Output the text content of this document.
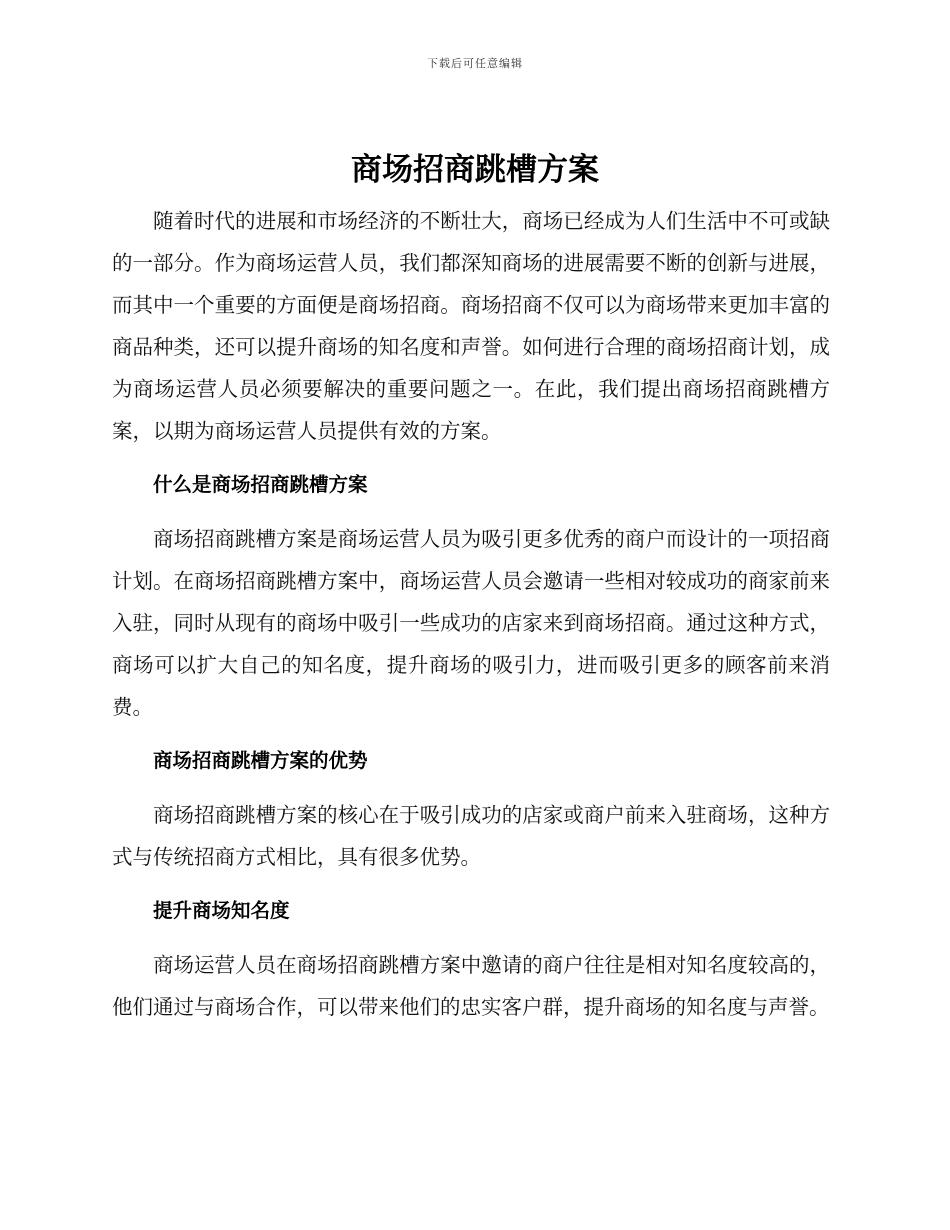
下载后可任意编辑
商场招商跳槽方案

随着时代的进展和市场经济的不断壮大，商场已经成为人们生活中不可或缺的一部分。作为商场运营人员，我们都深知商场的进展需要不断的创新与进展，而其中一个重要的方面便是商场招商。商场招商不仅可以为商场带来更加丰富的商品种类，还可以提升商场的知名度和声誉。如何进行合理的商场招商计划，成为商场运营人员必须要解决的重要问题之一。在此，我们提出商场招商跳槽方案，以期为商场运营人员提供有效的方案。

什么是商场招商跳槽方案

商场招商跳槽方案是商场运营人员为吸引更多优秀的商户而设计的一项招商计划。在商场招商跳槽方案中，商场运营人员会邀请一些相对较成功的商家前来入驻，同时从现有的商场中吸引一些成功的店家来到商场招商。通过这种方式，商场可以扩大自己的知名度，提升商场的吸引力，进而吸引更多的顾客前来消费。

商场招商跳槽方案的优势

商场招商跳槽方案的核心在于吸引成功的店家或商户前来入驻商场，这种方式与传统招商方式相比，具有很多优势。

提升商场知名度

商场运营人员在商场招商跳槽方案中邀请的商户往往是相对知名度较高的，他们通过与商场合作，可以带来他们的忠实客户群，提升商场的知名度与声誉。
